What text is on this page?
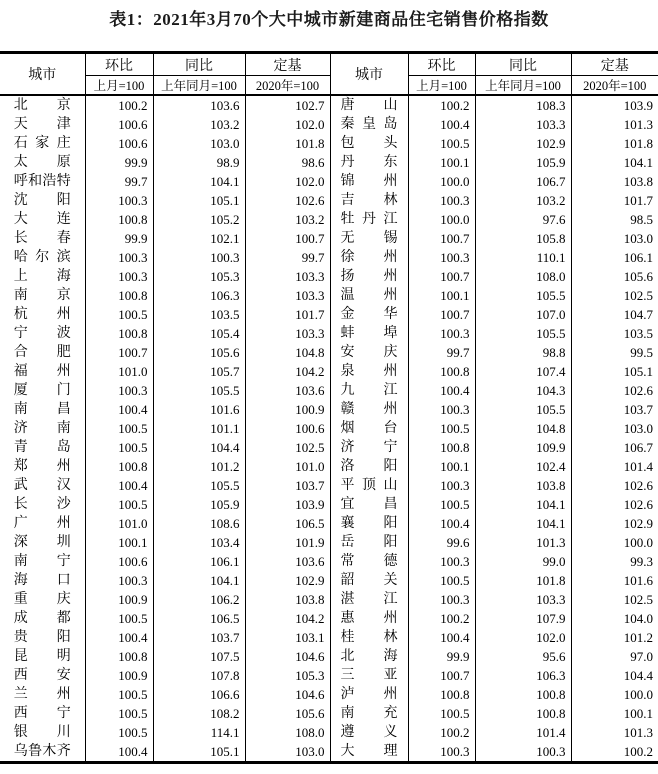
表1：2021年3月70个大中城市新建商品住宅销售价格指数
城市	环比	同比	定基	城市	环比	同比	定基
	上月=100	上年同月=100	2020年=100		上月=100	上年同月=100	2020年=100
北京	100.2	103.6	102.7	唐山	100.2	108.3	103.9
天津	100.6	103.2	102.0	秦皇岛	100.4	103.3	101.3
石家庄	100.6	103.0	101.8	包头	100.5	102.9	101.8
太原	99.9	98.9	98.6	丹东	100.1	105.9	104.1
呼和浩特	99.7	104.1	102.0	锦州	100.0	106.7	103.8
沈阳	100.3	105.1	102.6	吉林	100.3	103.2	101.7
大连	100.8	105.2	103.2	牡丹江	100.0	97.6	98.5
长春	99.9	102.1	100.7	无锡	100.7	105.8	103.0
哈尔滨	100.3	100.3	99.7	徐州	100.3	110.1	106.1
上海	100.3	105.3	103.3	扬州	100.7	108.0	105.6
南京	100.8	106.3	103.3	温州	100.1	105.5	102.5
杭州	100.5	103.5	101.7	金华	100.7	107.0	104.7
宁波	100.8	105.4	103.3	蚌埠	100.3	105.5	103.5
合肥	100.7	105.6	104.8	安庆	99.7	98.8	99.5
福州	101.0	105.7	104.2	泉州	100.8	107.4	105.1
厦门	100.3	105.5	103.6	九江	100.4	104.3	102.6
南昌	100.4	101.6	100.9	赣州	100.3	105.5	103.7
济南	100.5	101.1	100.6	烟台	100.5	104.8	103.0
青岛	100.5	104.4	102.5	济宁	100.8	109.9	106.7
郑州	100.8	101.2	101.0	洛阳	100.1	102.4	101.4
武汉	100.4	105.5	103.7	平顶山	100.3	103.8	102.6
长沙	100.5	105.9	103.9	宜昌	100.5	104.1	102.6
广州	101.0	108.6	106.5	襄阳	100.4	104.1	102.9
深圳	100.1	103.4	101.9	岳阳	99.6	101.3	100.0
南宁	100.6	106.1	103.6	常德	100.3	99.0	99.3
海口	100.3	104.1	102.9	韶关	100.5	101.8	101.6
重庆	100.9	106.2	103.8	湛江	100.3	103.3	102.5
成都	100.5	106.5	104.2	惠州	100.2	107.9	104.0
贵阳	100.4	103.7	103.1	桂林	100.4	102.0	101.2
昆明	100.8	107.5	104.6	北海	99.9	95.6	97.0
西安	100.9	107.8	105.3	三亚	100.7	106.3	104.4
兰州	100.5	106.6	104.6	泸州	100.8	100.8	100.0
西宁	100.5	108.2	105.6	南充	100.5	100.8	100.1
银川	100.5	114.1	108.0	遵义	100.2	101.4	101.3
乌鲁木齐	100.4	105.1	103.0	大理	100.3	100.3	100.2
